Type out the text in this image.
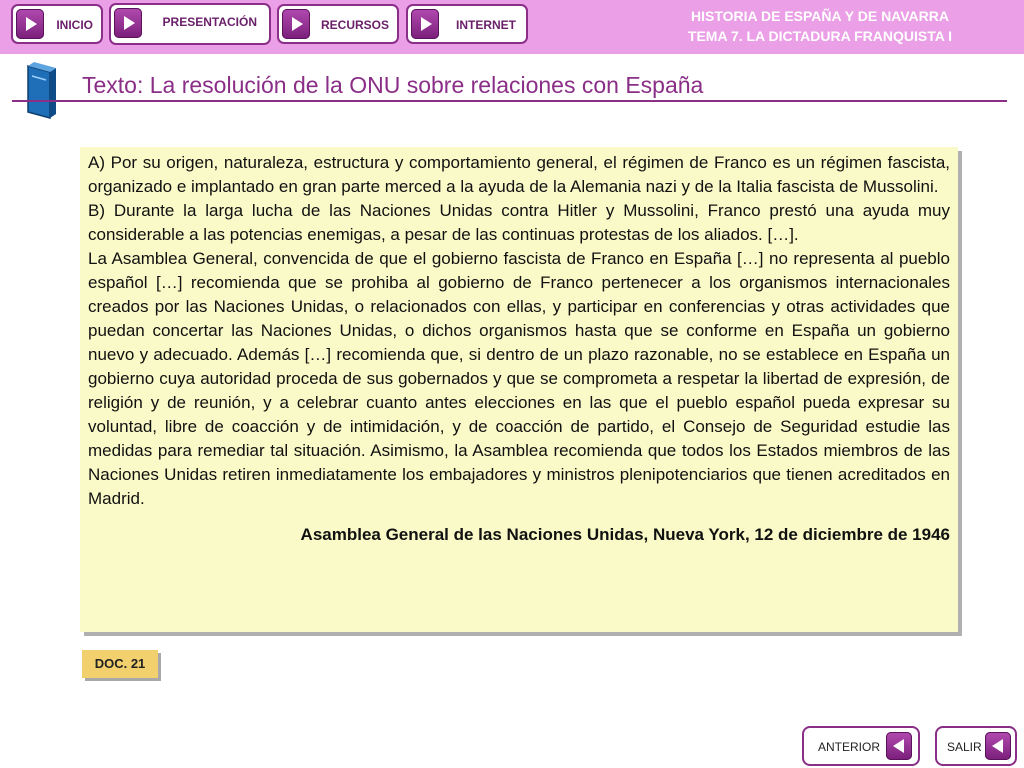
INICIO	PRESENTACIÓN	RECURSOS	INTERNET
HISTORIA DE ESPAÑA Y DE NAVARRA
TEMA 7. LA DICTADURA FRANQUISTA I
Texto: La resolución de la ONU sobre relaciones con España

A) Por su origen, naturaleza, estructura y comportamiento general, el régimen de Franco es un régimen fascista, organizado e implantado en gran parte merced a la ayuda de la Alemania nazi y de la Italia fascista de Mussolini.

B) Durante la larga lucha de las Naciones Unidas contra Hitler y Mussolini, Franco prestó una ayuda muy considerable a las potencias enemigas, a pesar de las continuas protestas de los aliados. […].

La Asamblea General, convencida de que el gobierno fascista de Franco en España […] no representa al pueblo español […] recomienda que se prohiba al gobierno de Franco pertenecer a los organismos internacionales creados por las Naciones Unidas, o relacionados con ellas, y participar en conferencias y otras actividades que puedan concertar las Naciones Unidas, o dichos organismos hasta que se conforme en España un gobierno nuevo y adecuado. Además […] recomienda que, si dentro de un plazo razonable, no se establece en España un gobierno cuya autoridad proceda de sus gobernados y que se comprometa a respetar la libertad de expresión, de religión y de reunión, y a celebrar cuanto antes elecciones en las que el pueblo español pueda expresar su voluntad, libre de coacción y de intimidación, y de coacción de partido, el Consejo de Seguridad estudie las medidas para remediar tal situación. Asimismo, la Asamblea recomienda que todos los Estados miembros de las Naciones Unidas retiren inmediatamente los embajadores y ministros plenipotenciarios que tienen acreditados en Madrid.

Asamblea General de las Naciones Unidas, Nueva York, 12 de diciembre de 1946

DOC. 21
ANTERIOR	SALIR
